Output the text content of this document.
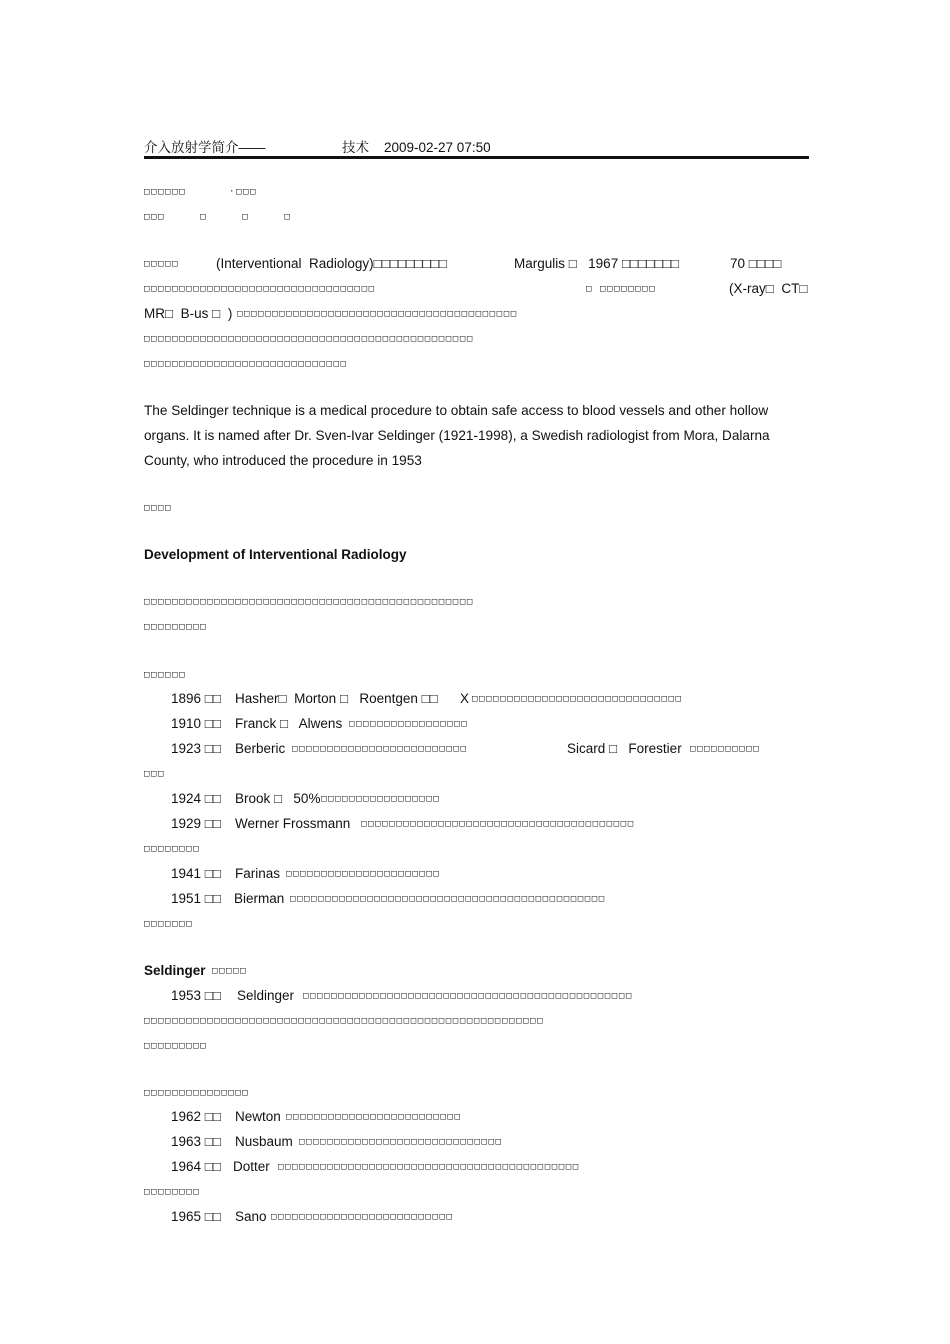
介入放射学简介——	技术 2009-02-27 07:50
□□□□□□	·□□□
□□□     □     □     □
□□□□□	(Interventional  Radiology)□□□□□□□□□	Margulis □   1967 □□□□□□□	70 □□□□
□□□□□□□□□□□□□□□□□□□□□□□□□□□□□□□□□	□ □□□□□□□□	(X-ray□  CT□
MR□  B-us □  ) □□□□□□□□□□□□□□□□□□□□□□□□□□□□□□□□□□□□□□□□
□□□□□□□□□□□□□□□□□□□□□□□□□□□□□□□□□□□□□□□□□□□□□□□
□□□□□□□□□□□□□□□□□□□□□□□□□□□□□
The Seldinger technique is a medical procedure to obtain safe access to blood vessels and other hollow organs. It is named after Dr. Sven-Ivar Seldinger (1921-1998), a Swedish radiologist from Mora, Dalarna County, who introduced the procedure in 1953
□□□□
Development of Interventional Radiology
□□□□□□□□□□□□□□□□□□□□□□□□□□□□□□□□□□□□□□□□□□□□□□□
□□□□□□□□□
□□□□□□
1896 □□ Hasher□  Morton □   Roentgen □□ X □□□□□□□□□□□□□□□□□□□□□□□□□□□□□□
1910 □□ Franck □   Alwens □□□□□□□□□□□□□□□□□
1923 □□ Berberic □□□□□□□□□□□□□□□□□□□□□□□□□	Sicard □   Forestier □□□□□□□□□□
□□□
1924 □□ Brook □   50% □□□□□□□□□□□□□□□□□
1929 □□ Werner Frossmann □□□□□□□□□□□□□□□□□□□□□□□□□□□□□□□□□□□□□□□
□□□□□□□□
1941 □□ Farinas □□□□□□□□□□□□□□□□□□□□□□
1951 □□ Bierman □□□□□□□□□□□□□□□□□□□□□□□□□□□□□□□□□□□□□□□□□□□□□
□□□□□□□
Seldinger □□□□□
1953 □□ Seldinger □□□□□□□□□□□□□□□□□□□□□□□□□□□□□□□□□□□□□□□□□□□□□□□
□□□□□□□□□□□□□□□□□□□□□□□□□□□□□□□□□□□□□□□□□□□□□□□□□□□□□□□□□
□□□□□□□□□
□□□□□□□□□□□□□□□
1962 □□ Newton □□□□□□□□□□□□□□□□□□□□□□□□□
1963 □□ Nusbaum □□□□□□□□□□□□□□□□□□□□□□□□□□□□□
1964 □□ Dotter □□□□□□□□□□□□□□□□□□□□□□□□□□□□□□□□□□□□□□□□□□□
□□□□□□□□
1965 □□ Sano □□□□□□□□□□□□□□□□□□□□□□□□□□
